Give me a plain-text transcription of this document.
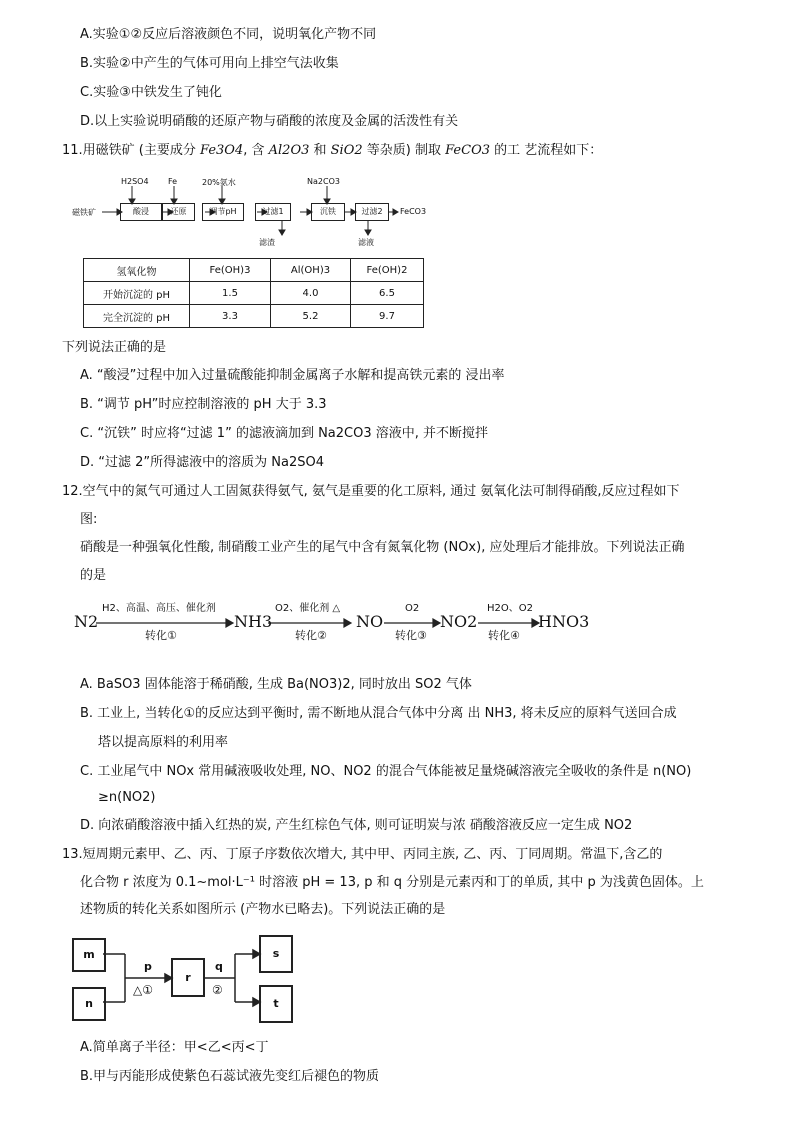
A.实验①②反应后溶液颜色不同，说明氧化产物不同
B.实验②中产生的气体可用向上排空气法收集
C.实验③中铁发生了钝化
D.以上实验说明硝酸的还原产物与硝酸的浓度及金属的活泼性有关
11.用磁铁矿 (主要成分 Fe3O4, 含 Al2O3 和 SiO2 等杂质) 制取 FeCO3 的工 艺流程如下：
磁铁矿	酸浸	还原	调节pH	过滤1	沉铁	过滤2
H2SO4 Fe	20%氨水	Na2CO3
滤渣	滤液
FeCO3
氢氧化物	Fe(OH)3	Al(OH)3	Fe(OH)2
开始沉淀的 pH	1.5	4.0	6.5
完全沉淀的 pH	3.3	5.2	9.7
下列说法正确的是
A. “酸浸”过程中加入过量硫酸能抑制金属离子水解和提高铁元素的 浸出率
B. “调节 pH”时应控制溶液的 pH 大于 3.3
C. “沉铁” 时应将“过滤 1” 的滤液滴加到 Na2CO3 溶液中, 并不断搅拌
D. “过滤 2”所得滤液中的溶质为 Na2SO4
12.空气中的氮气可通过人工固氮获得氨气, 氨气是重要的化工原料, 通过 氨氧化法可制得硝酸,反应过程如下
图:
硝酸是一种强氧化性酸, 制硝酸工业产生的尾气中含有氮氧化物 (NOx), 应处理后才能排放。下列说法正确
的是
N2	NH3	NO	NO2	HNO3
H2、高温、高压、催化剂	O2、催化剂 △	O2	H2O、O2
转化①	转化②	转化③	转化④
A. BaSO3 固体能溶于稀硝酸, 生成 Ba(NO3)2, 同时放出 SO2 气体
B. 工业上, 当转化①的反应达到平衡时, 需不断地从混合气体中分离 出 NH3, 将未反应的原料气送回合成
塔以提高原料的利用率
C. 工业尾气中 NOx 常用碱液吸收处理, NO、NO2 的混合气体能被足量烧碱溶液完全吸收的条件是 n(NO)
≥n(NO2)
D. 向浓硝酸溶液中插入红热的炭, 产生红棕色气体, 则可证明炭与浓 硝酸溶液反应一定生成 NO2
13.短周期元素甲、乙、丙、丁原子序数依次增大, 其中甲、丙同主族, 乙、丙、丁同周期。常温下,含乙的
化合物 r 浓度为 0.1~mol·L⁻¹ 时溶液 pH = 13, p 和 q 分别是元素丙和丁的单质, 其中 p 为浅黄色固体。上
述物质的转化关系如图所示 (产物水已略去)。下列说法正确的是
m
n
r
s
t
p	q
△①	②
A.简单离子半径：甲<乙<丙<丁
B.甲与丙能形成使紫色石蕊试液先变红后褪色的物质
